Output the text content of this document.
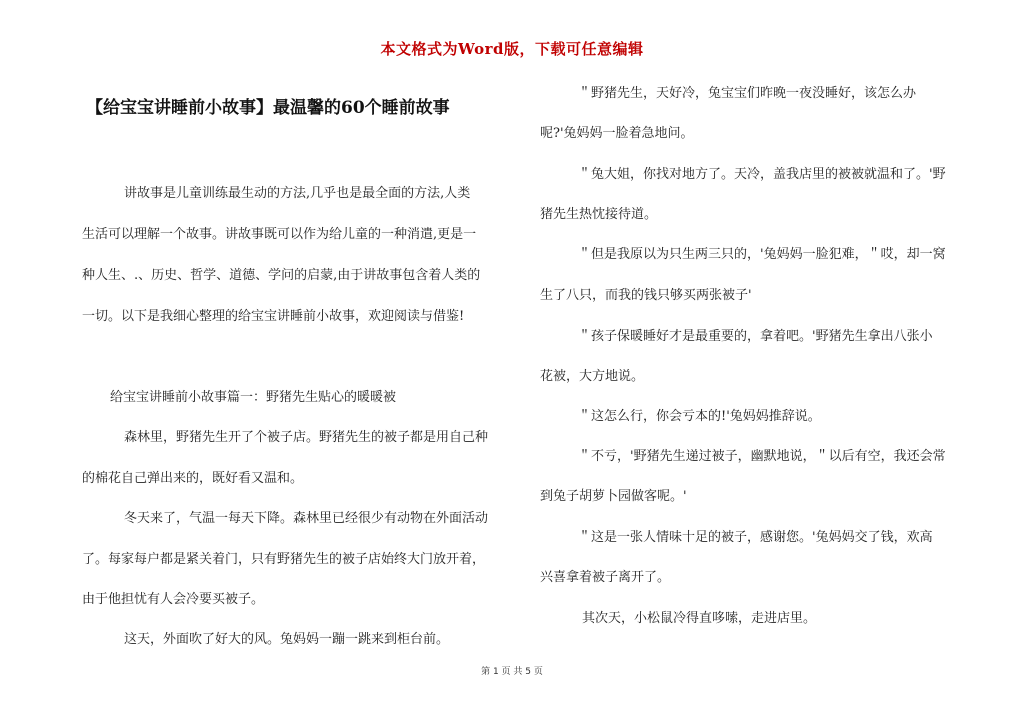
本文格式为Word版，下载可任意编辑
【给宝宝讲睡前小故事】最温馨的60个睡前故事
讲故事是儿童训练最生动的方法,几乎也是最全面的方法,人类
生活可以理解一个故事。讲故事既可以作为给儿童的一种消遣,更是一
种人生、.、历史、哲学、道德、学问的启蒙,由于讲故事包含着人类的
一切。以下是我细心整理的给宝宝讲睡前小故事，欢迎阅读与借鉴!
给宝宝讲睡前小故事篇一：野猪先生贴心的暖暖被
森林里，野猪先生开了个被子店。野猪先生的被子都是用自己种
的棉花自己弹出来的，既好看又温和。
冬天来了，气温一每天下降。森林里已经很少有动物在外面活动
了。每家每户都是紧关着门，只有野猪先生的被子店始终大门放开着，
由于他担忧有人会冷要买被子。
这天，外面吹了好大的风。兔妈妈一蹦一跳来到柜台前。
＂野猪先生，天好冷，兔宝宝们昨晚一夜没睡好，该怎么办
呢?'兔妈妈一脸着急地问。
＂兔大姐，你找对地方了。天冷，盖我店里的被被就温和了。'野
猪先生热忱接待道。
＂但是我原以为只生两三只的，'兔妈妈一脸犯难，＂哎，却一窝
生了八只，而我的钱只够买两张被子'
＂孩子保暖睡好才是最重要的，拿着吧。'野猪先生拿出八张小
花被，大方地说。
＂这怎么行，你会亏本的!'兔妈妈推辞说。
＂不亏，'野猪先生递过被子，幽默地说，＂以后有空，我还会常
到兔子胡萝卜园做客呢。'
＂这是一张人情味十足的被子，感谢您。'兔妈妈交了钱，欢高
兴喜拿着被子离开了。
其次天，小松鼠冷得直哆嗦，走进店里。
第 1 页 共 5 页
